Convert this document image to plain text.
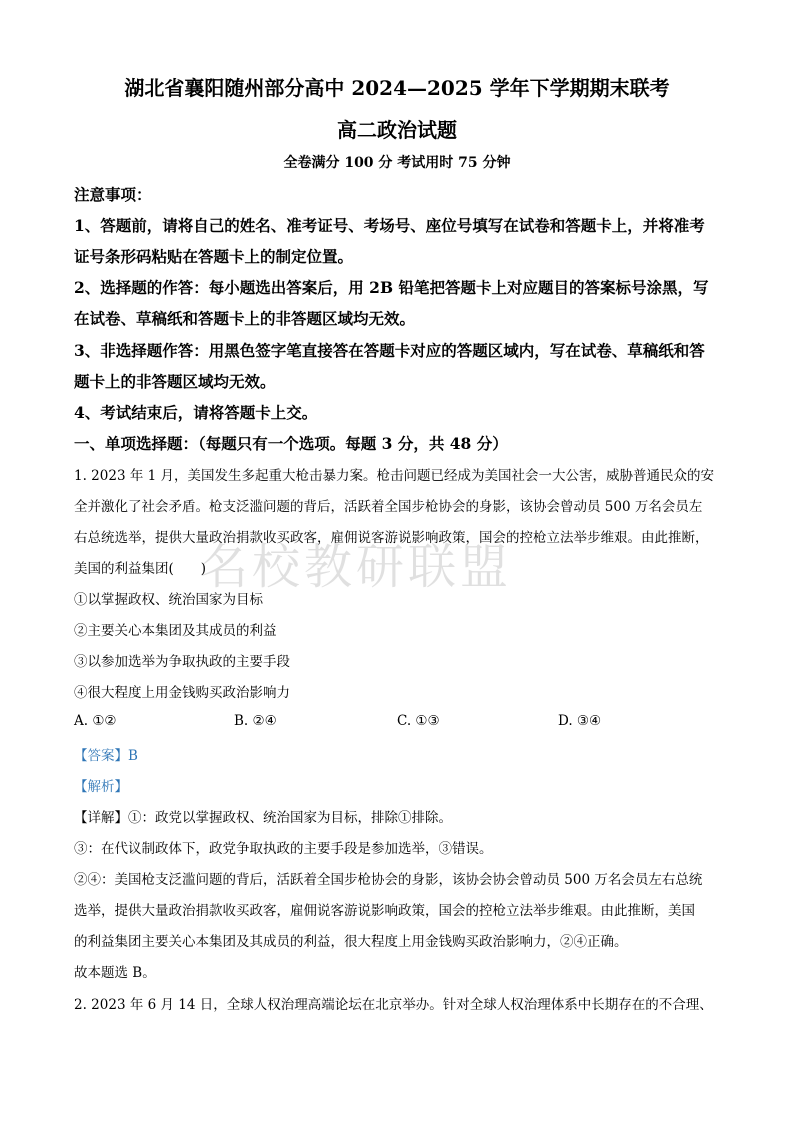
名校教研联盟
湖北省襄阳随州部分高中 2024—2025 学年下学期期末联考
高二政治试题
全卷满分 100 分 考试用时 75 分钟
注意事项：
1、答题前，请将自己的姓名、准考证号、考场号、座位号填写在试卷和答题卡上，并将准考
证号条形码粘贴在答题卡上的制定位置。
2、选择题的作答：每小题选出答案后，用 2B 铅笔把答题卡上对应题目的答案标号涂黑，写
在试卷、草稿纸和答题卡上的非答题区域均无效。
3、非选择题作答：用黑色签字笔直接答在答题卡对应的答题区域内，写在试卷、草稿纸和答
题卡上的非答题区域均无效。
4、考试结束后，请将答题卡上交。
一、单项选择题：（每题只有一个选项。每题 3 分，共 48 分）
1. 2023 年 1 月，美国发生多起重大枪击暴力案。枪击问题已经成为美国社会一大公害，威胁普通民众的安
全并激化了社会矛盾。枪支泛滥问题的背后，活跃着全国步枪协会的身影，该协会曾动员 500 万名会员左
右总统选举，提供大量政治捐款收买政客，雇佣说客游说影响政策，国会的控枪立法举步维艰。由此推断，
美国的利益集团(　　)
①以掌握政权、统治国家为目标
②主要关心本集团及其成员的利益
③以参加选举为争取执政的主要手段
④很大程度上用金钱购买政治影响力
A. ①②	B. ②④	C. ①③	D. ③④
【答案】B
【解析】
【详解】①：政党以掌握政权、统治国家为目标，排除①排除。
③：在代议制政体下，政党争取执政的主要手段是参加选举，③错误。
②④：美国枪支泛滥问题的背后，活跃着全国步枪协会的身影，该协会协会曾动员 500 万名会员左右总统
选举，提供大量政治捐款收买政客，雇佣说客游说影响政策，国会的控枪立法举步维艰。由此推断，美国
的利益集团主要关心本集团及其成员的利益，很大程度上用金钱购买政治影响力，②④正确。
故本题选 B。
2. 2023 年 6 月 14 日，全球人权治理高端论坛在北京举办。针对全球人权治理体系中长期存在的不合理、
